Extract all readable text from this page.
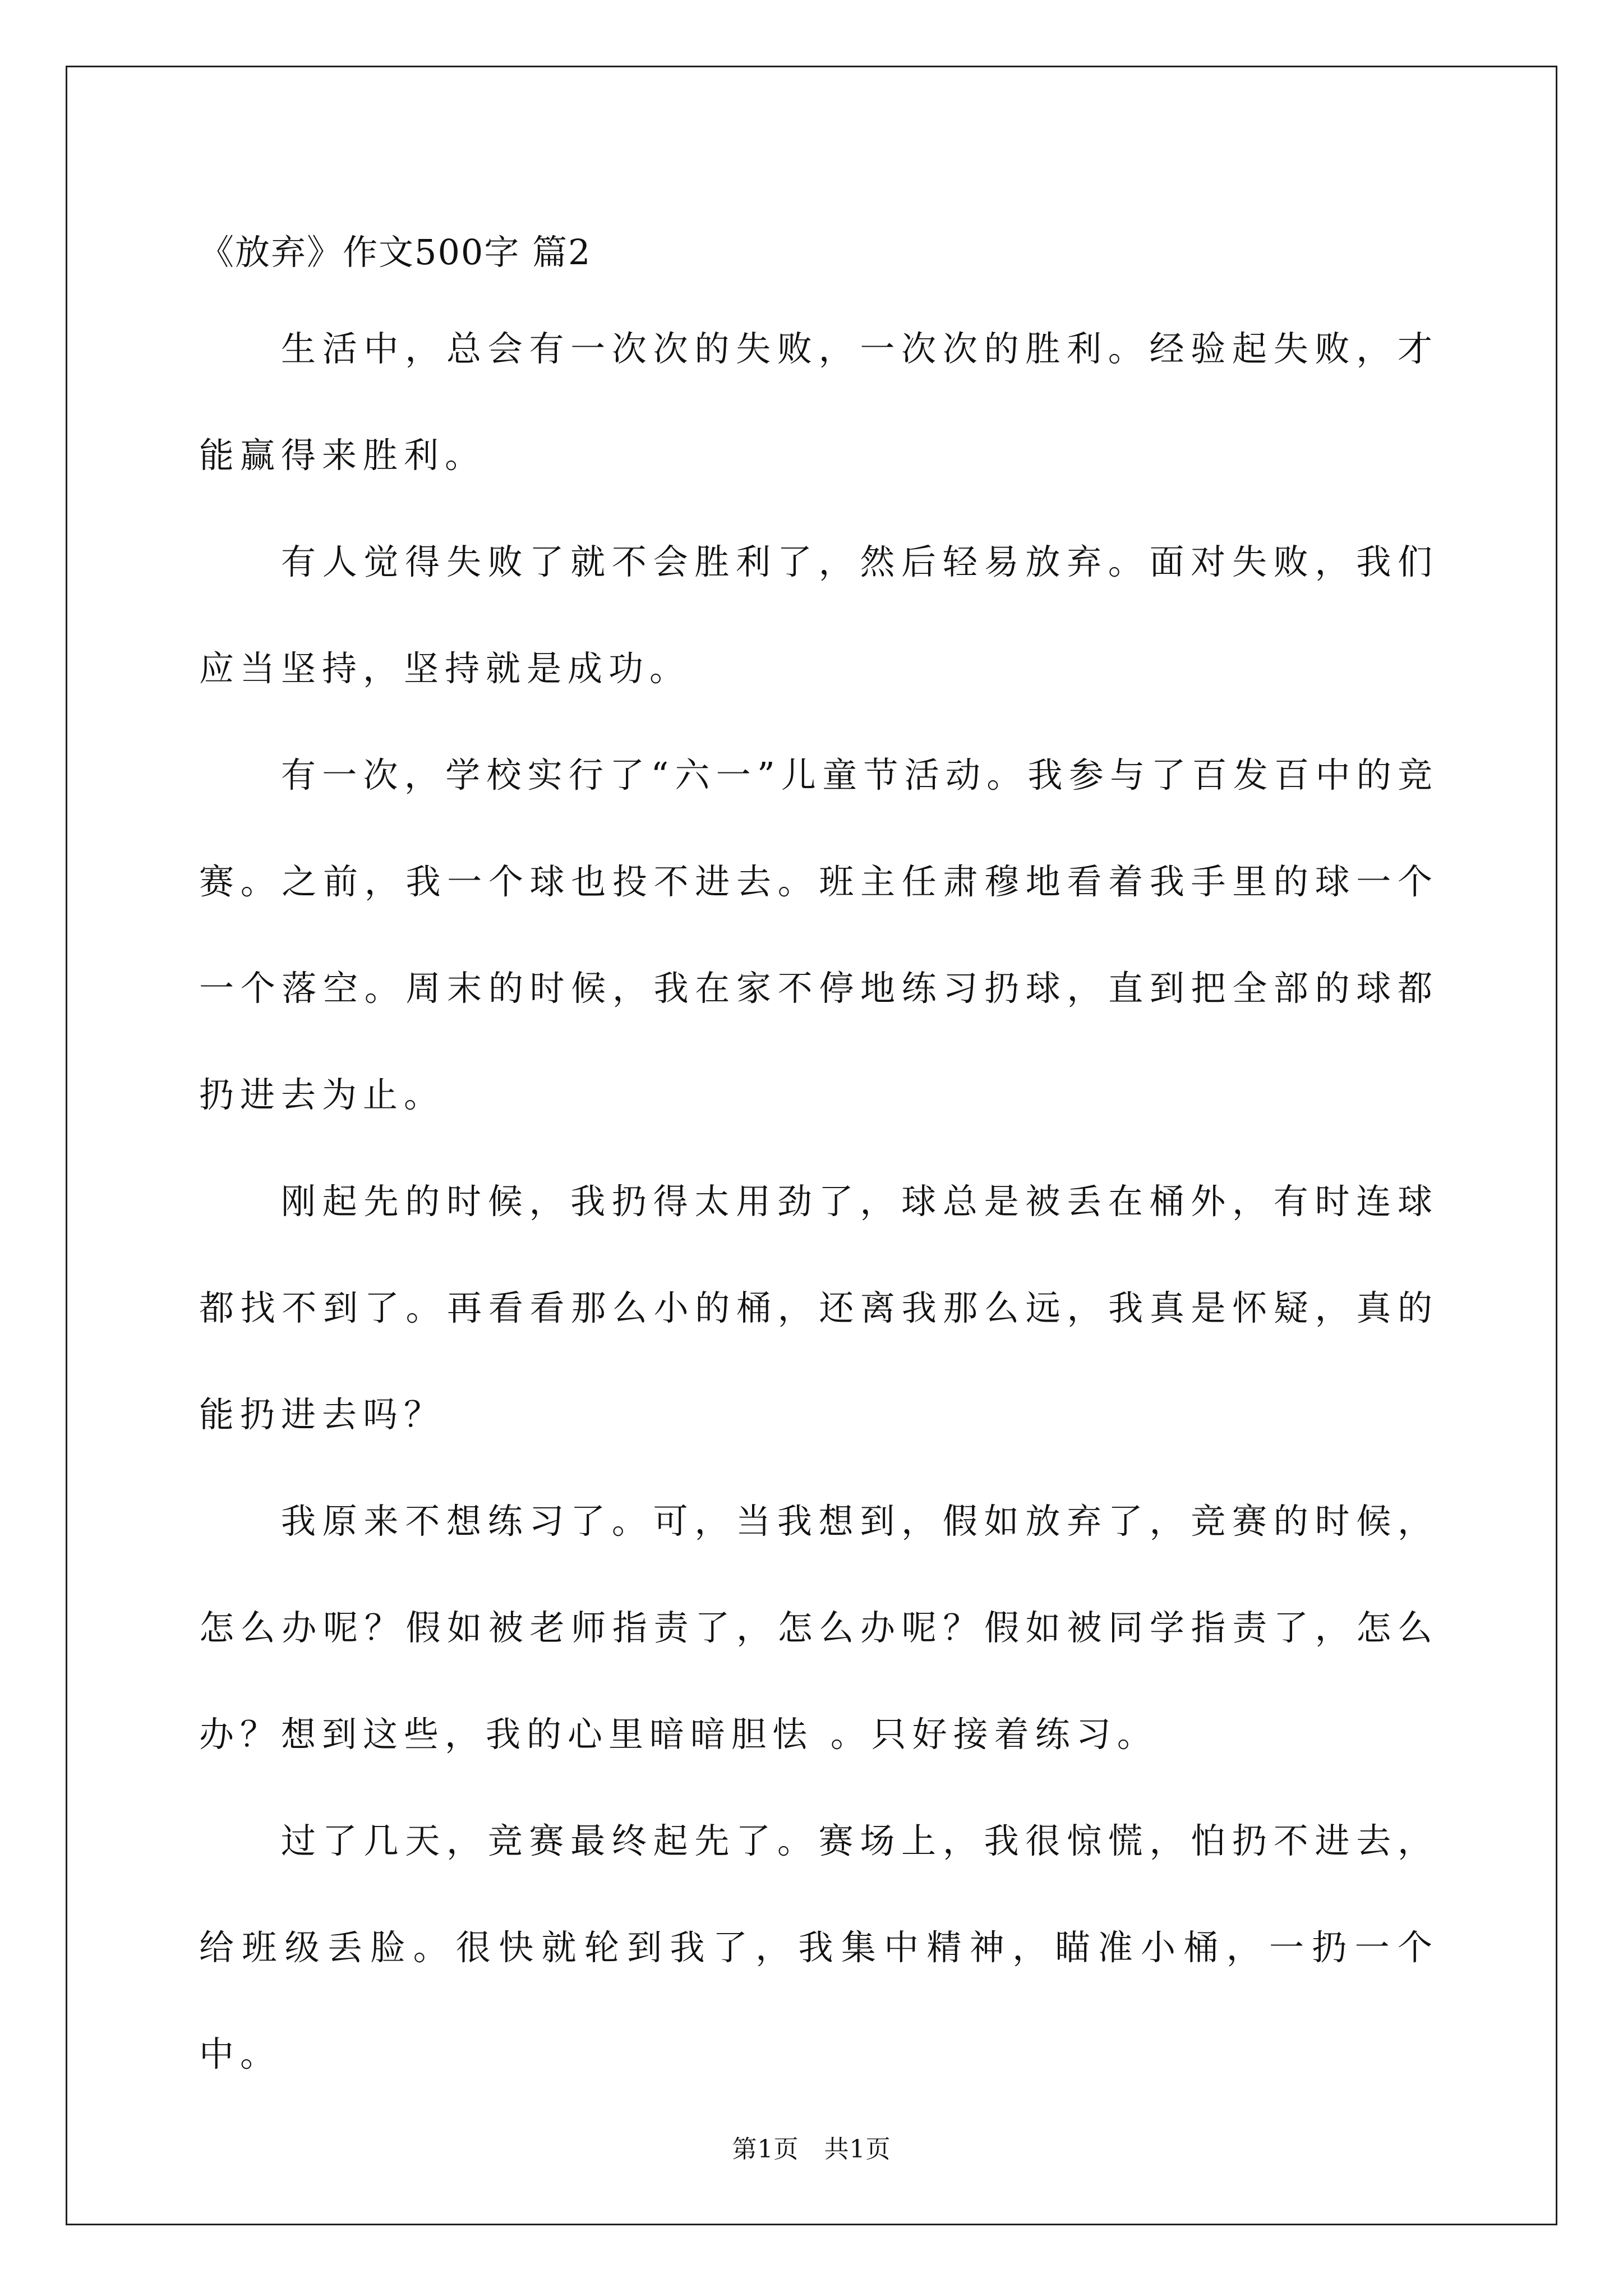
《放弃》作文500字 篇2

生活中，总会有一次次的失败，一次次的胜利。经验起失败，才能赢得来胜利。

有人觉得失败了就不会胜利了，然后轻易放弃。面对失败，我们应当坚持，坚持就是成功。

有一次，学校实行了“六一”儿童节活动。我参与了百发百中的竞赛。之前，我一个球也投不进去。班主任肃穆地看着我手里的球一个一个落空。周末的时候，我在家不停地练习扔球，直到把全部的球都扔进去为止。

刚起先的时候，我扔得太用劲了，球总是被丢在桶外，有时连球都找不到了。再看看那么小的桶，还离我那么远，我真是怀疑，真的能扔进去吗？

我原来不想练习了。可，当我想到，假如放弃了，竞赛的时候，怎么办呢？假如被老师指责了，怎么办呢？假如被同学指责了，怎么办？想到这些，我的心里暗暗胆怯 。只好接着练习。

过了几天，竞赛最终起先了。赛场上，我很惊慌，怕扔不进去，给班级丢脸。很快就轮到我了，我集中精神，瞄准小桶，一扔一个中。

第1页   共1页
